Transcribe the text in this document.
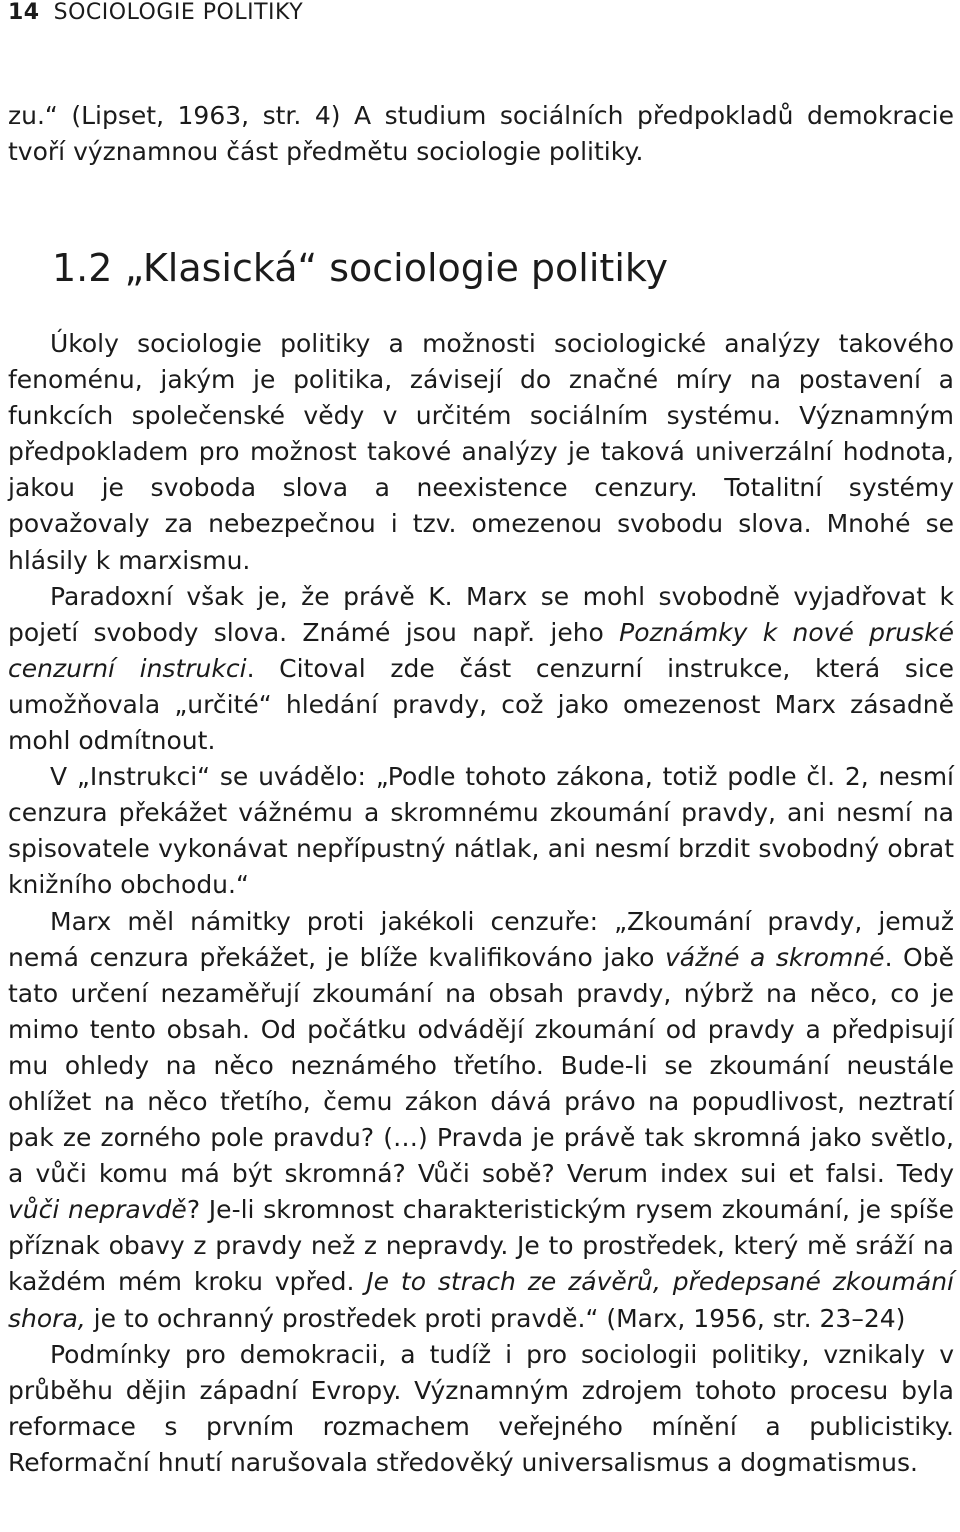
14 SOCIOLOGIE POLITIKY
zu.“ (Lipset, 1963, str. 4) A studium sociálních předpokladů demokracie tvoří významnou část předmětu sociologie politiky.
1.2 „Klasická“ sociologie politiky

Úkoly sociologie politiky a možnosti sociologické analýzy takového fenoménu, jakým je politika, závisejí do značné míry na postavení a funkcích společenské vědy v určitém sociálním systému. Významným předpokladem pro možnost takové analýzy je taková univerzální hodnota, jakou je svoboda slova a neexistence cenzury. Totalitní systémy považovaly za nebezpečnou i tzv. omezenou svobodu slova. Mnohé se hlásily k marxismu.

Paradoxní však je, že právě K. Marx se mohl svobodně vyjadřovat k pojetí svobody slova. Známé jsou např. jeho Poznámky k nové pruské cenzurní instrukci. Citoval zde část cenzurní instrukce, která sice umožňovala „určité“ hledání pravdy, což jako omezenost Marx zásadně mohl odmítnout.

V „Instrukci“ se uvádělo: „Podle tohoto zákona, totiž podle čl. 2, nesmí cenzura překážet vážnému a skromnému zkoumání pravdy, ani nesmí na spisovatele vykonávat nepřípustný nátlak, ani nesmí brzdit svobodný obrat knižního obchodu.“

Marx měl námitky proti jakékoli cenzuře: „Zkoumání pravdy, jemuž nemá cenzura překážet, je blíže kvalifikováno jako vážné a skromné. Obě tato určení nezaměřují zkoumání na obsah pravdy, nýbrž na něco, co je mimo tento obsah. Od počátku odvádějí zkoumání od pravdy a předpisují mu ohledy na něco neznámého třetího. Bude-li se zkoumání neustále ohlížet na něco třetího, čemu zákon dává právo na popudlivost, neztratí pak ze zorného pole pravdu? (…) Pravda je právě tak skromná jako světlo, a vůči komu má být skromná? Vůči sobě? Verum index sui et falsi. Tedy vůči nepravdě? Je-li skromnost charakteristickým rysem zkoumání, je spíše příznak obavy z pravdy než z nepravdy. Je to prostředek, který mě sráží na každém mém kroku vpřed. Je to strach ze závěrů, předepsané zkoumání shora, je to ochranný prostředek proti pravdě.“ (Marx, 1956, str. 23–24)

Podmínky pro demokracii, a tudíž i pro sociologii politiky, vznikaly v průběhu dějin západní Evropy. Významným zdrojem tohoto procesu byla reformace s prvním rozmachem veřejného mínění a publicistiky. Reformační hnutí narušovala středověký universalismus a dogmatismus.
